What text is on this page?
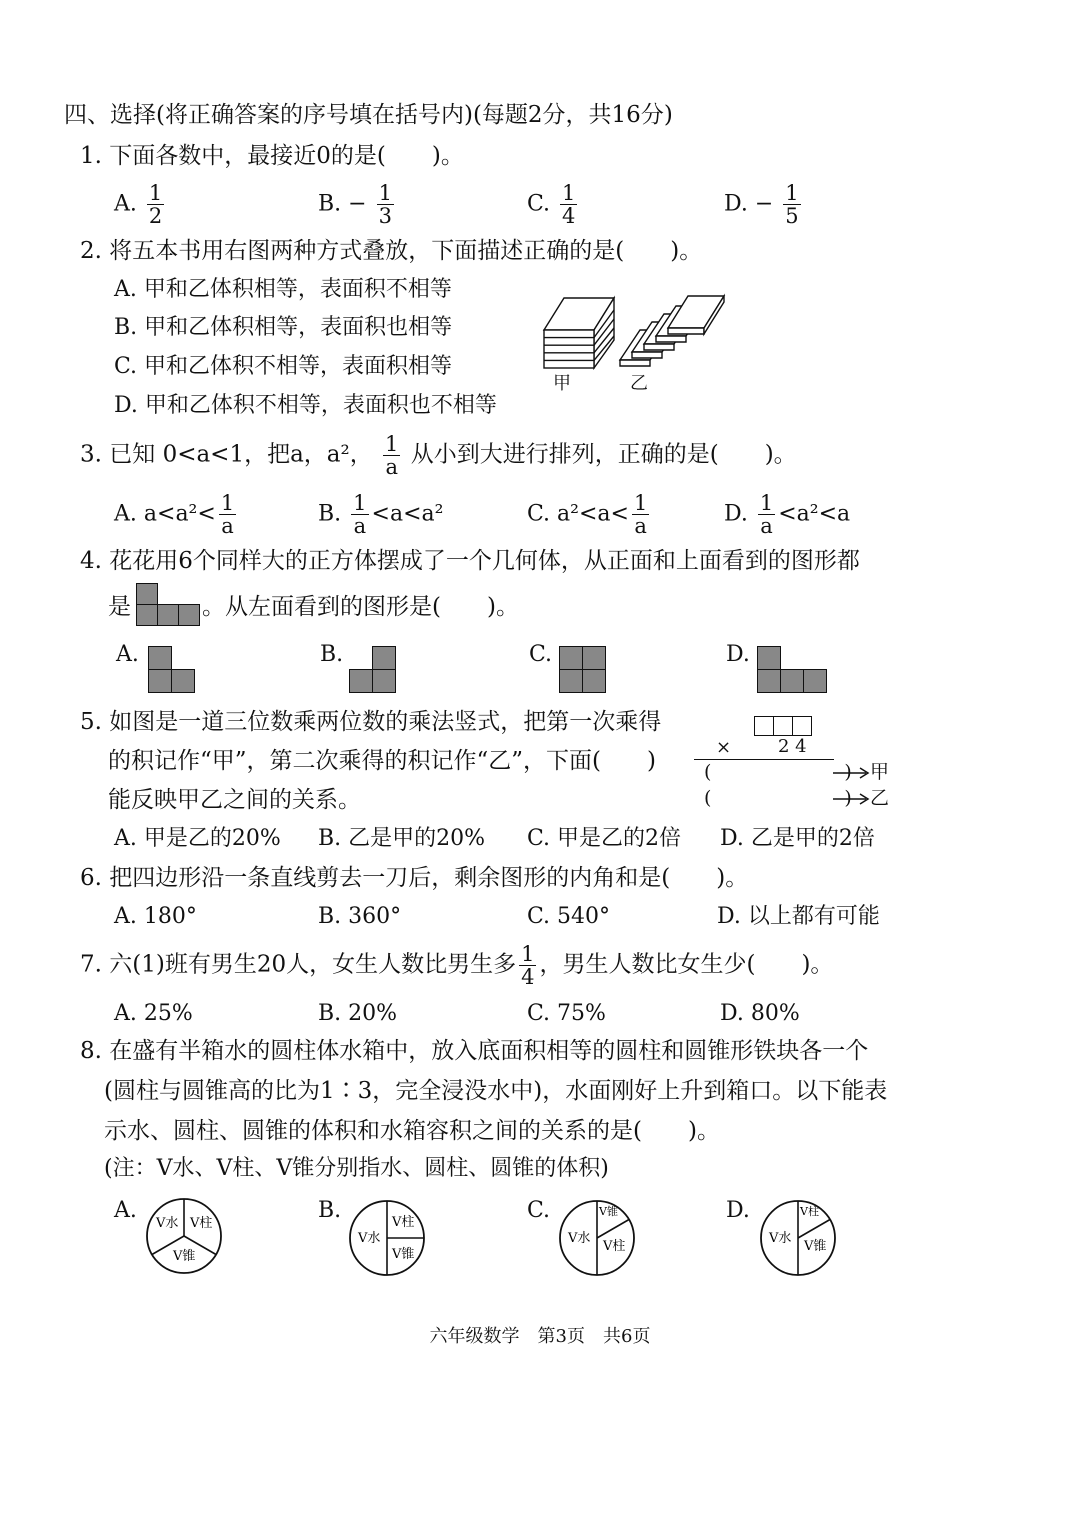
四、选择(将正确答案的序号填在括号内)(每题2分，共16分)
1. 下面各数中，最接近0的是(　　)。
A. $\frac{1}{2}$	B. − $\frac{1}{3}$	C. $\frac{1}{4}$	D. − $\frac{1}{5}$
2. 将五本书用右图两种方式叠放，下面描述正确的是(　　)。
A. 甲和乙体积相等，表面积不相等
B. 甲和乙体积相等，表面积也相等
C. 甲和乙体积不相等，表面积相等
D. 甲和乙体积不相等，表面积也不相等
甲	乙
3. 已知 0<a<1，把a，a²， $\frac{1}{a}$ 从小到大进行排列，正确的是(　　)。
A. $a<a^2< \frac{1}{a}$	B. $\frac{1}{a} <a<a^2$	C. $a^2<a< \frac{1}{a}$	D. $\frac{1}{a} <a^2<a$
4. 花花用6个同样大的正方体摆成了一个几何体，从正面和上面看到的图形都
是	。从左面看到的图形是(　　)。
A.	B.	C.	D.
5. 如图是一道三位数乘两位数的乘法竖式，把第一次乘得
的积记作“甲”，第二次乘得的积记作“乙”，下面(　　)
能反映甲乙之间的关系。
×	2 4
(　　　　　　　)
(　　　　　　　)
甲
乙
A. 甲是乙的20% B. 乙是甲的20% C. 甲是乙的2倍 D. 乙是甲的2倍
6. 把四边形沿一条直线剪去一刀后，剩余图形的内角和是(　　)。
A. 180°	B. 360°	C. 540°	D. 以上都有可能
7. 六(1)班有男生20人，女生人数比男生多 $\frac{1}{4}$ ，男生人数比女生少(　　)。
A. 25%	B. 20%	C. 75%	D. 80%
8. 在盛有半箱水的圆柱体水箱中，放入底面积相等的圆柱和圆锥形铁块各一个
(圆柱与圆锥高的比为1∶3，完全浸没水中)，水面刚好上升到箱口。以下能表
示水、圆柱、圆锥的体积和水箱容积之间的关系的是(　　)。
(注：V水、V柱、V锥分别指水、圆柱、圆锥的体积)
A.	B.	C.	D.
V水 V柱
V锥
V水
V柱
V锥
V水
V锥
V柱
V水
V柱
V锥
六年级数学　第3页　共6页
